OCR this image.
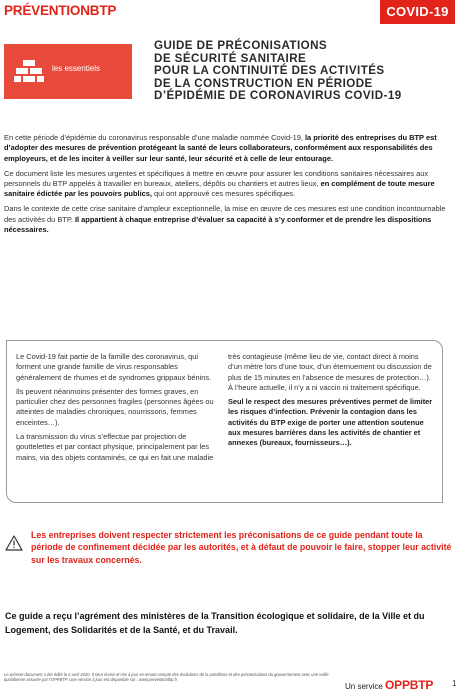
PRÉVENTIONBTP	COVID-19
les essentiels
GUIDE DE PRÉCONISATIONS
DE SÉCURITÉ SANITAIRE
POUR LA CONTINUITÉ DES ACTIVITÉS
DE LA CONSTRUCTION EN PÉRIODE
D’ÉPIDÉMIE DE CORONAVIRUS COVID-19

En cette période d’épidémie du coronavirus responsable d’une maladie nommée Covid-19, la priorité des entreprises du BTP est d’adopter des mesures de prévention protégeant la santé de leurs collaborateurs, conformément aux responsabilités des employeurs, et de les inciter à veiller sur leur santé, leur sécurité et à celle de leur entourage.

Ce document liste les mesures urgentes et spécifiques à mettre en œuvre pour assurer les conditions sanitaires nécessaires aux personnels du BTP appelés à travailler en bureaux, ateliers, dépôts ou chantiers et autres lieux, en complément de toute mesure sanitaire édictée par les pouvoirs publics, qui ont approuvé ces mesures spécifiques.

Dans le contexte de cette crise sanitaire d’ampleur exceptionnelle, la mise en œuvre de ces mesures est une condition incontournable des activités du BTP. Il appartient à chaque entreprise d’évaluer sa capacité à s’y conformer et de prendre les dispositions nécessaires.

Le Covid-19 fait partie de la famille des coronavirus, qui forment une grande famille de virus responsables généralement de rhumes et de syndromes grippaux bénins.

Ils peuvent néanmoins présenter des formes graves, en particulier chez des personnes fragiles (personnes âgées ou atteintes de maladies chroniques, nourrissons, femmes enceintes…).

La transmission du virus s’effectue par projection de gouttelettes et par contact physique, principalement par les mains, via des objets contaminés, ce qui en fait une maladie

très contagieuse (même lieu de vie, contact direct à moins d’un mètre lors d’une toux, d’un éternuement ou discussion de plus de 15 minutes en l’absence de mesures de protection…). À l’heure actuelle, il n’y a ni vaccin ni traitement spécifique.

Seul le respect des mesures préventives permet de limiter les risques d’infection. Prévenir la contagion dans les activités du BTP exige de porter une attention soutenue aux mesures barrières dans les activités de chantier et annexes (bureaux, fournisseurs…).

Les entreprises doivent respecter strictement les préconisations de ce guide pendant toute la période de confinement décidée par les autorités, et à défaut de pouvoir le faire, stopper leur activité sur les travaux concernés.
Ce guide a reçu l’agrément des ministères de la Transition écologique et solidaire, de la Ville et du Logement, des Solidarités et de la Santé, et du Travail.
Le présent document a été édité le 2 avril 2020. Il sera révisé et mis à jour en tenant compte des évolutions de la pandémie et des préconisations du gouvernement avec une veille quotidienne assurée par l’OPPBTP. Une version à jour est disponible sur : www.preventionbtp.fr
Un service OPPBTP 1
